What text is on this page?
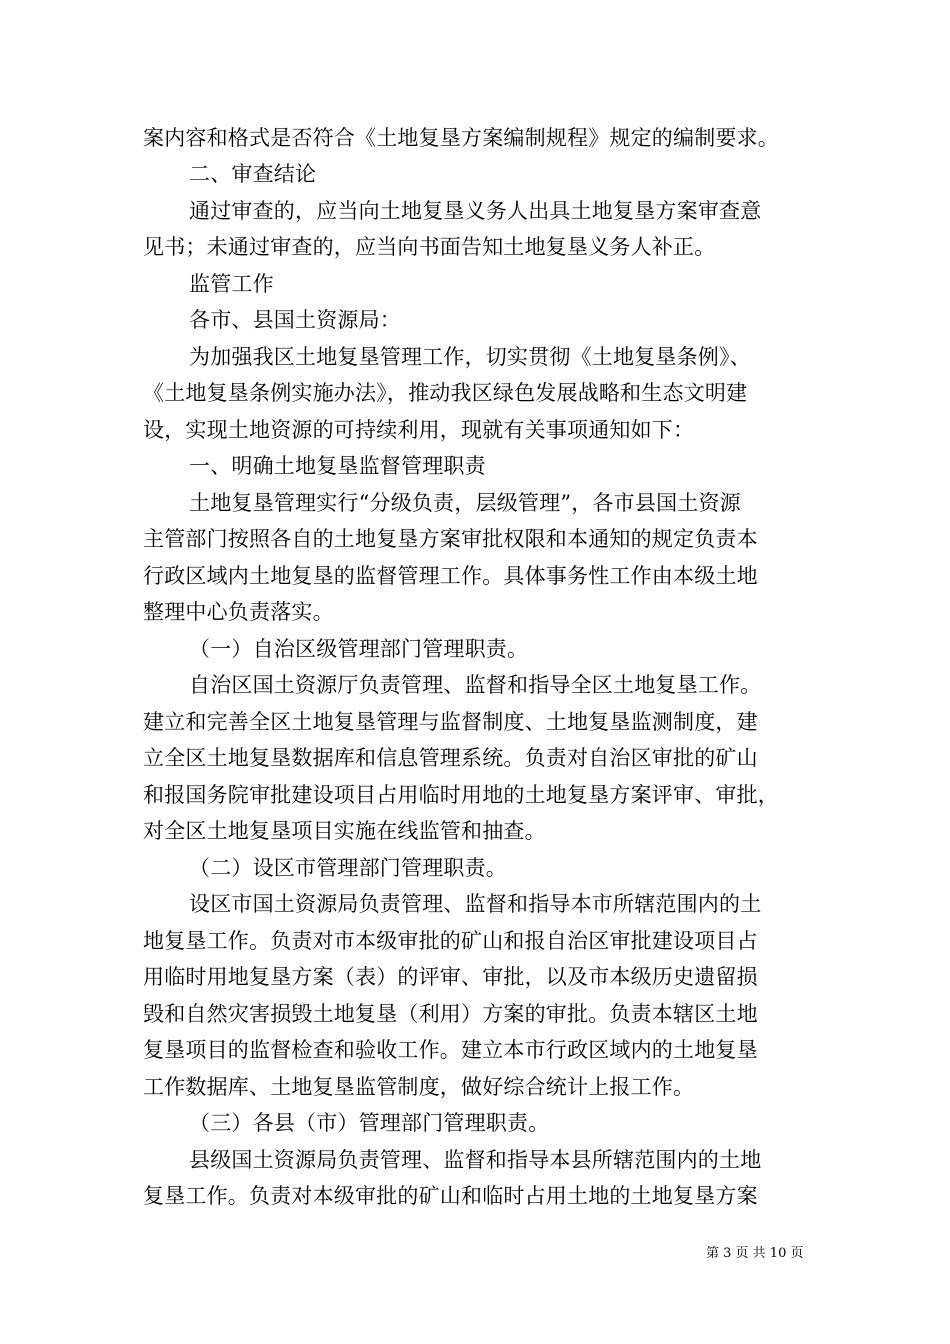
案内容和格式是否符合《土地复垦方案编制规程》规定的编制要求。
二、审查结论
通过审查的，应当向土地复垦义务人出具土地复垦方案审查意
见书；未通过审查的，应当向书面告知土地复垦义务人补正。
监管工作
各市、县国土资源局：
为加强我区土地复垦管理工作，切实贯彻《土地复垦条例》、
《土地复垦条例实施办法》，推动我区绿色发展战略和生态文明建
设，实现土地资源的可持续利用，现就有关事项通知如下：
一、明确土地复垦监督管理职责
土地复垦管理实行“分级负责，层级管理”，各市县国土资源
主管部门按照各自的土地复垦方案审批权限和本通知的规定负责本
行政区域内土地复垦的监督管理工作。具体事务性工作由本级土地
整理中心负责落实。
（一）自治区级管理部门管理职责。
自治区国土资源厅负责管理、监督和指导全区土地复垦工作。
建立和完善全区土地复垦管理与监督制度、土地复垦监测制度，建
立全区土地复垦数据库和信息管理系统。负责对自治区审批的矿山
和报国务院审批建设项目占用临时用地的土地复垦方案评审、审批，
对全区土地复垦项目实施在线监管和抽查。
（二）设区市管理部门管理职责。
设区市国土资源局负责管理、监督和指导本市所辖范围内的土
地复垦工作。负责对市本级审批的矿山和报自治区审批建设项目占
用临时用地复垦方案（表）的评审、审批，以及市本级历史遗留损
毁和自然灾害损毁土地复垦（利用）方案的审批。负责本辖区土地
复垦项目的监督检查和验收工作。建立本市行政区域内的土地复垦
工作数据库、土地复垦监管制度，做好综合统计上报工作。
（三）各县（市）管理部门管理职责。
县级国土资源局负责管理、监督和指导本县所辖范围内的土地
复垦工作。负责对本级审批的矿山和临时占用土地的土地复垦方案
第 3 页 共 10 页
